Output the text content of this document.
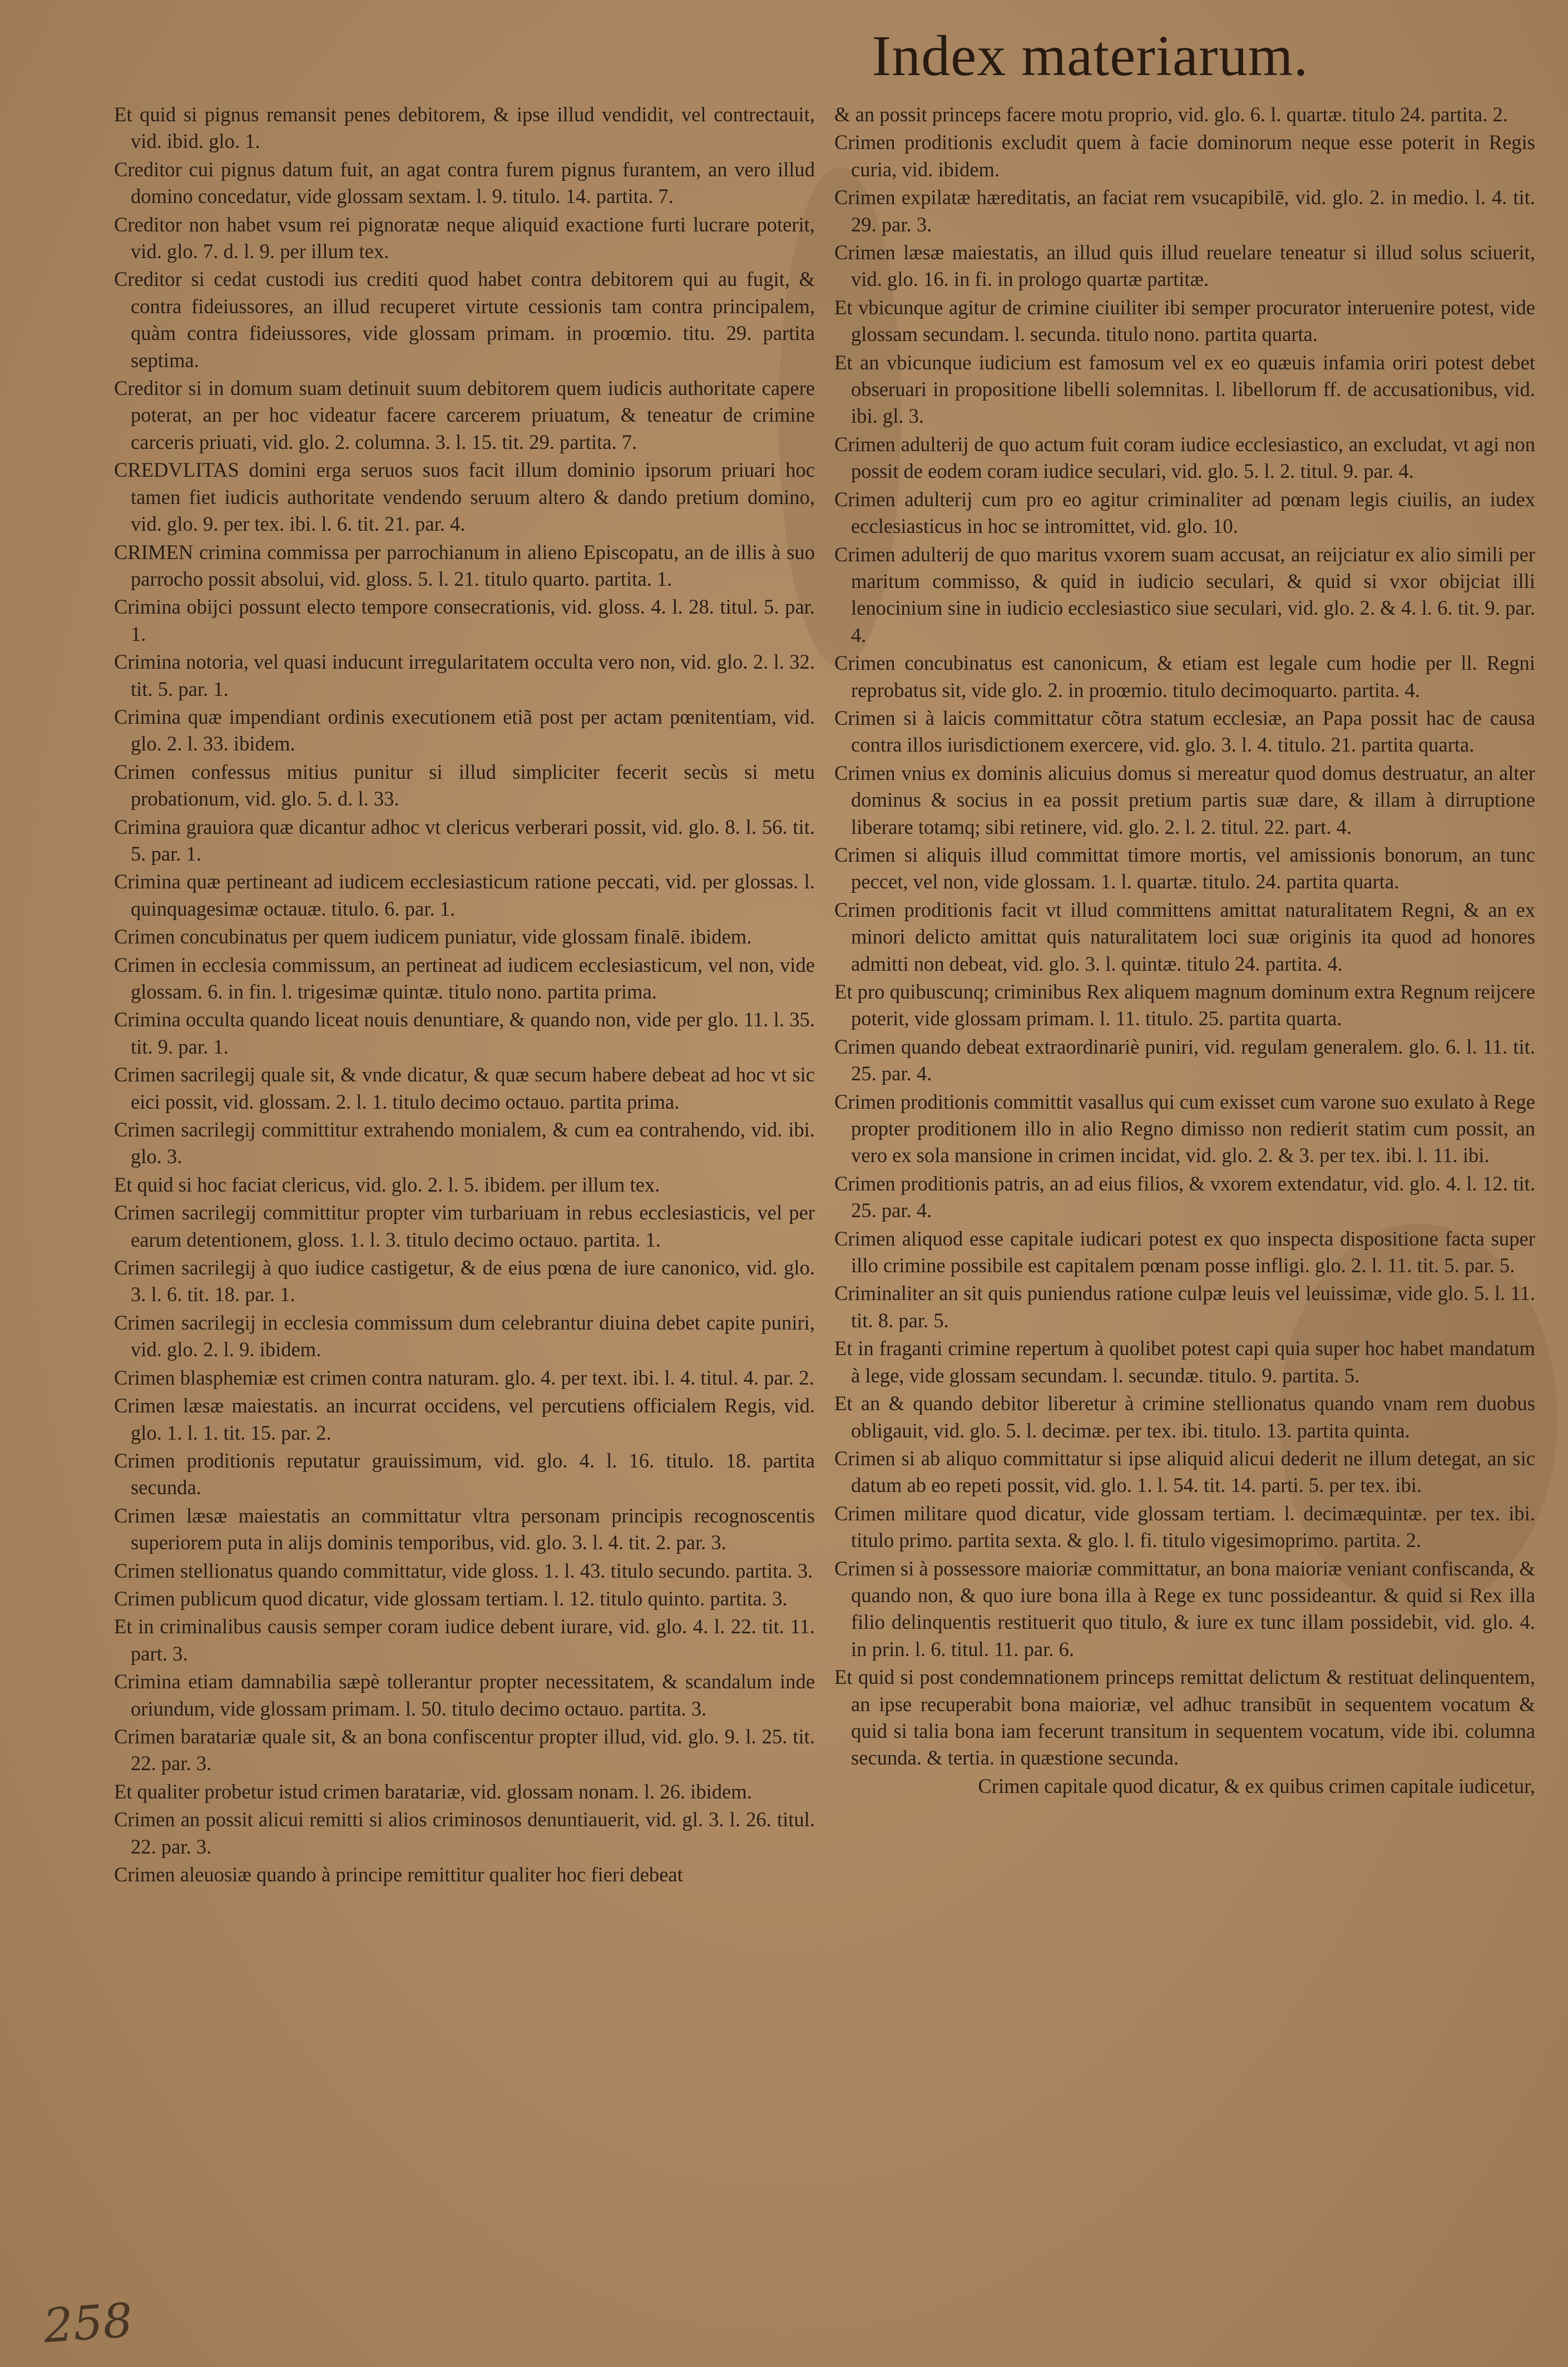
Index materiarum.

Et quid si pignus remansit penes debitorem, & ipse illud vendidit, vel contrectauit, vid. ibid. glo. 1.

Creditor cui pignus datum fuit, an agat contra furem pignus furantem, an vero illud domino concedatur, vide glossam sextam. l. 9. titulo. 14. partita. 7.

Creditor non habet vsum rei pignoratæ neque aliquid exactione furti lucrare poterit, vid. glo. 7. d. l. 9. per illum tex.

Creditor si cedat custodi ius crediti quod habet contra debitorem qui au fugit, & contra fideiussores, an illud recuperet virtute cessionis tam contra principalem, quàm contra fideiussores, vide glossam primam. in proœmio. titu. 29. partita septima.

Creditor si in domum suam detinuit suum debitorem quem iudicis authoritate capere poterat, an per hoc videatur facere carcerem priuatum, & teneatur de crimine carceris priuati, vid. glo. 2. columna. 3. l. 15. tit. 29. partita. 7.

CREDVLITAS domini erga seruos suos facit illum dominio ipsorum priuari hoc tamen fiet iudicis authoritate vendendo seruum altero & dando pretium domino, vid. glo. 9. per tex. ibi. l. 6. tit. 21. par. 4.

CRIMEN crimina commissa per parrochianum in alieno Episcopatu, an de illis à suo parrocho possit absolui, vid. gloss. 5. l. 21. titulo quarto. partita. 1.

Crimina obijci possunt electo tempore consecrationis, vid. gloss. 4. l. 28. titul. 5. par. 1.

Crimina notoria, vel quasi inducunt irregularitatem occulta vero non, vid. glo. 2. l. 32. tit. 5. par. 1.

Crimina quæ impendiant ordinis executionem etiã post per actam pœnitentiam, vid. glo. 2. l. 33. ibidem.

Crimen confessus mitius punitur si illud simpliciter fecerit secùs si metu probationum, vid. glo. 5. d. l. 33.

Crimina grauiora quæ dicantur adhoc vt clericus verberari possit, vid. glo. 8. l. 56. tit. 5. par. 1.

Crimina quæ pertineant ad iudicem ecclesiasticum ratione peccati, vid. per glossas. l. quinquagesimæ octauæ. titulo. 6. par. 1.

Crimen concubinatus per quem iudicem puniatur, vide glossam finalē. ibidem.

Crimen in ecclesia commissum, an pertineat ad iudicem ecclesiasticum, vel non, vide glossam. 6. in fin. l. trigesimæ quintæ. titulo nono. partita prima.

Crimina occulta quando liceat nouis denuntiare, & quando non, vide per glo. 11. l. 35. tit. 9. par. 1.

Crimen sacrilegij quale sit, & vnde dicatur, & quæ secum habere debeat ad hoc vt sic eici possit, vid. glossam. 2. l. 1. titulo decimo octauo. partita prima.

Crimen sacrilegij committitur extrahendo monialem, & cum ea contrahendo, vid. ibi. glo. 3.

Et quid si hoc faciat clericus, vid. glo. 2. l. 5. ibidem. per illum tex.

Crimen sacrilegij committitur propter vim turbariuam in rebus ecclesiasticis, vel per earum detentionem, gloss. 1. l. 3. titulo decimo octauo. partita. 1.

Crimen sacrilegij à quo iudice castigetur, & de eius pœna de iure canonico, vid. glo. 3. l. 6. tit. 18. par. 1.

Crimen sacrilegij in ecclesia commissum dum celebrantur diuina debet capite puniri, vid. glo. 2. l. 9. ibidem.

Crimen blasphemiæ est crimen contra naturam. glo. 4. per text. ibi. l. 4. titul. 4. par. 2.

Crimen læsæ maiestatis. an incurrat occidens, vel percutiens officialem Regis, vid. glo. 1. l. 1. tit. 15. par. 2.

Crimen proditionis reputatur grauissimum, vid. glo. 4. l. 16. titulo. 18. partita secunda.

Crimen læsæ maiestatis an committatur vltra personam principis recognoscentis superiorem puta in alijs dominis temporibus, vid. glo. 3. l. 4. tit. 2. par. 3.

Crimen stellionatus quando committatur, vide gloss. 1. l. 43. titulo secundo. partita. 3.

Crimen publicum quod dicatur, vide glossam tertiam. l. 12. titulo quinto. partita. 3.

Et in criminalibus causis semper coram iudice debent iurare, vid. glo. 4. l. 22. tit. 11. part. 3.

Crimina etiam damnabilia sæpè tollerantur propter necessitatem, & scandalum inde oriundum, vide glossam primam. l. 50. titulo decimo octauo. partita. 3.

Crimen baratariæ quale sit, & an bona confiscentur propter illud, vid. glo. 9. l. 25. tit. 22. par. 3.

Et qualiter probetur istud crimen baratariæ, vid. glossam nonam. l. 26. ibidem.

Crimen an possit alicui remitti si alios criminosos denuntiauerit, vid. gl. 3. l. 26. titul. 22. par. 3.

Crimen aleuosiæ quando à principe remittitur qualiter hoc fieri debeat

& an possit princeps facere motu proprio, vid. glo. 6. l. quartæ. titulo 24. partita. 2.

Crimen proditionis excludit quem à facie dominorum neque esse poterit in Regis curia, vid. ibidem.

Crimen expilatæ hæreditatis, an faciat rem vsucapibilē, vid. glo. 2. in medio. l. 4. tit. 29. par. 3.

Crimen læsæ maiestatis, an illud quis illud reuelare teneatur si illud solus sciuerit, vid. glo. 16. in fi. in prologo quartæ partitæ.

Et vbicunque agitur de crimine ciuiliter ibi semper procurator interuenire potest, vide glossam secundam. l. secunda. titulo nono. partita quarta.

Et an vbicunque iudicium est famosum vel ex eo quæuis infamia oriri potest debet obseruari in propositione libelli solemnitas. l. libellorum ff. de accusationibus, vid. ibi. gl. 3.

Crimen adulterij de quo actum fuit coram iudice ecclesiastico, an excludat, vt agi non possit de eodem coram iudice seculari, vid. glo. 5. l. 2. titul. 9. par. 4.

Crimen adulterij cum pro eo agitur criminaliter ad pœnam legis ciuilis, an iudex ecclesiasticus in hoc se intromittet, vid. glo. 10.

Crimen adulterij de quo maritus vxorem suam accusat, an reijciatur ex alio simili per maritum commisso, & quid in iudicio seculari, & quid si vxor obijciat illi lenocinium sine in iudicio ecclesiastico siue seculari, vid. glo. 2. & 4. l. 6. tit. 9. par. 4.

Crimen concubinatus est canonicum, & etiam est legale cum hodie per ll. Regni reprobatus sit, vide glo. 2. in proœmio. titulo decimoquarto. partita. 4.

Crimen si à laicis committatur cõtra statum ecclesiæ, an Papa possit hac de causa contra illos iurisdictionem exercere, vid. glo. 3. l. 4. titulo. 21. partita quarta.

Crimen vnius ex dominis alicuius domus si mereatur quod domus destruatur, an alter dominus & socius in ea possit pretium partis suæ dare, & illam à dirruptione liberare totamq; sibi retinere, vid. glo. 2. l. 2. titul. 22. part. 4.

Crimen si aliquis illud committat timore mortis, vel amissionis bonorum, an tunc peccet, vel non, vide glossam. 1. l. quartæ. titulo. 24. partita quarta.

Crimen proditionis facit vt illud committens amittat naturalitatem Regni, & an ex minori delicto amittat quis naturalitatem loci suæ originis ita quod ad honores admitti non debeat, vid. glo. 3. l. quintæ. titulo 24. partita. 4.

Et pro quibuscunq; criminibus Rex aliquem magnum dominum extra Regnum reijcere poterit, vide glossam primam. l. 11. titulo. 25. partita quarta.

Crimen quando debeat extraordinariè puniri, vid. regulam generalem. glo. 6. l. 11. tit. 25. par. 4.

Crimen proditionis committit vasallus qui cum exisset cum varone suo exulato à Rege propter proditionem illo in alio Regno dimisso non redierit statim cum possit, an vero ex sola mansione in crimen incidat, vid. glo. 2. & 3. per tex. ibi. l. 11. ibi.

Crimen proditionis patris, an ad eius filios, & vxorem extendatur, vid. glo. 4. l. 12. tit. 25. par. 4.

Crimen aliquod esse capitale iudicari potest ex quo inspecta dispositione facta super illo crimine possibile est capitalem pœnam posse infligi. glo. 2. l. 11. tit. 5. par. 5.

Criminaliter an sit quis puniendus ratione culpæ leuis vel leuissimæ, vide glo. 5. l. 11. tit. 8. par. 5.

Et in fraganti crimine repertum à quolibet potest capi quia super hoc habet mandatum à lege, vide glossam secundam. l. secundæ. titulo. 9. partita. 5.

Et an & quando debitor liberetur à crimine stellionatus quando vnam rem duobus obligauit, vid. glo. 5. l. decimæ. per tex. ibi. titulo. 13. partita quinta.

Crimen si ab aliquo committatur si ipse aliquid alicui dederit ne illum detegat, an sic datum ab eo repeti possit, vid. glo. 1. l. 54. tit. 14. parti. 5. per tex. ibi.

Crimen militare quod dicatur, vide glossam tertiam. l. decimæquintæ. per tex. ibi. titulo primo. partita sexta. & glo. l. fi. titulo vigesimoprimo. partita. 2.

Crimen si à possessore maioriæ committatur, an bona maioriæ veniant confiscanda, & quando non, & quo iure bona illa à Rege ex tunc possideantur. & quid si Rex illa filio delinquentis restituerit quo titulo, & iure ex tunc illam possidebit, vid. glo. 4. in prin. l. 6. titul. 11. par. 6.

Et quid si post condemnationem princeps remittat delictum & restituat delinquentem, an ipse recuperabit bona maioriæ, vel adhuc transibūt in sequentem vocatum & quid si talia bona iam fecerunt transitum in sequentem vocatum, vide ibi. columna secunda. & tertia. in quæstione secunda.

Crimen capitale quod dicatur, & ex quibus crimen capitale iudicetur,

258
